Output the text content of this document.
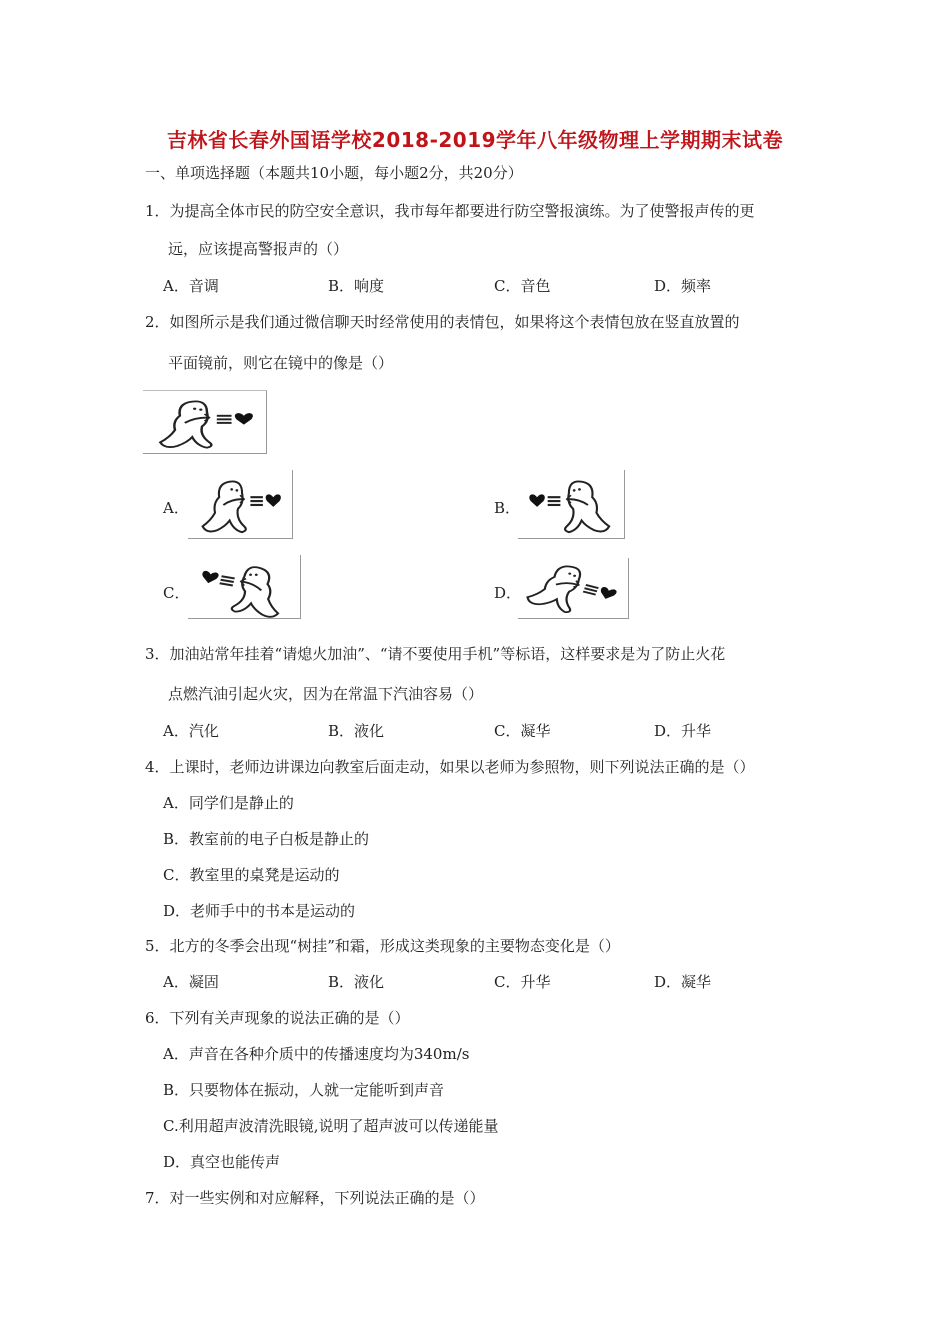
吉林省长春外国语学校2018-2019学年八年级物理上学期期末试卷
一、单项选择题（本题共10小题，每小题2分，共20分）
1．为提高全体市民的防空安全意识，我市每年都要进行防空警报演练。为了使警报声传的更
远，应该提高警报声的（）
A．音调	B．响度	C．音色	D．频率
2．如图所示是我们通过微信聊天时经常使用的表情包，如果将这个表情包放在竖直放置的
平面镜前，则它在镜中的像是（）
A．	B．
C．	D．
3．加油站常年挂着“请熄火加油”、“请不要使用手机”等标语，这样要求是为了防止火花
点燃汽油引起火灾，因为在常温下汽油容易（）
A．汽化	B．液化	C．凝华	D．升华
4．上课时，老师边讲课边向教室后面走动，如果以老师为参照物，则下列说法正确的是（）
A．同学们是静止的
B．教室前的电子白板是静止的
C．教室里的桌凳是运动的
D．老师手中的书本是运动的
5．北方的冬季会出现“树挂”和霜，形成这类现象的主要物态变化是（）
A．凝固	B．液化	C．升华	D．凝华
6．下列有关声现象的说法正确的是（）
A．声音在各种介质中的传播速度均为340m/s
B．只要物体在振动，人就一定能听到声音
C.利用超声波清洗眼镜,说明了超声波可以传递能量
D．真空也能传声
7．对一些实例和对应解释，下列说法正确的是（）
